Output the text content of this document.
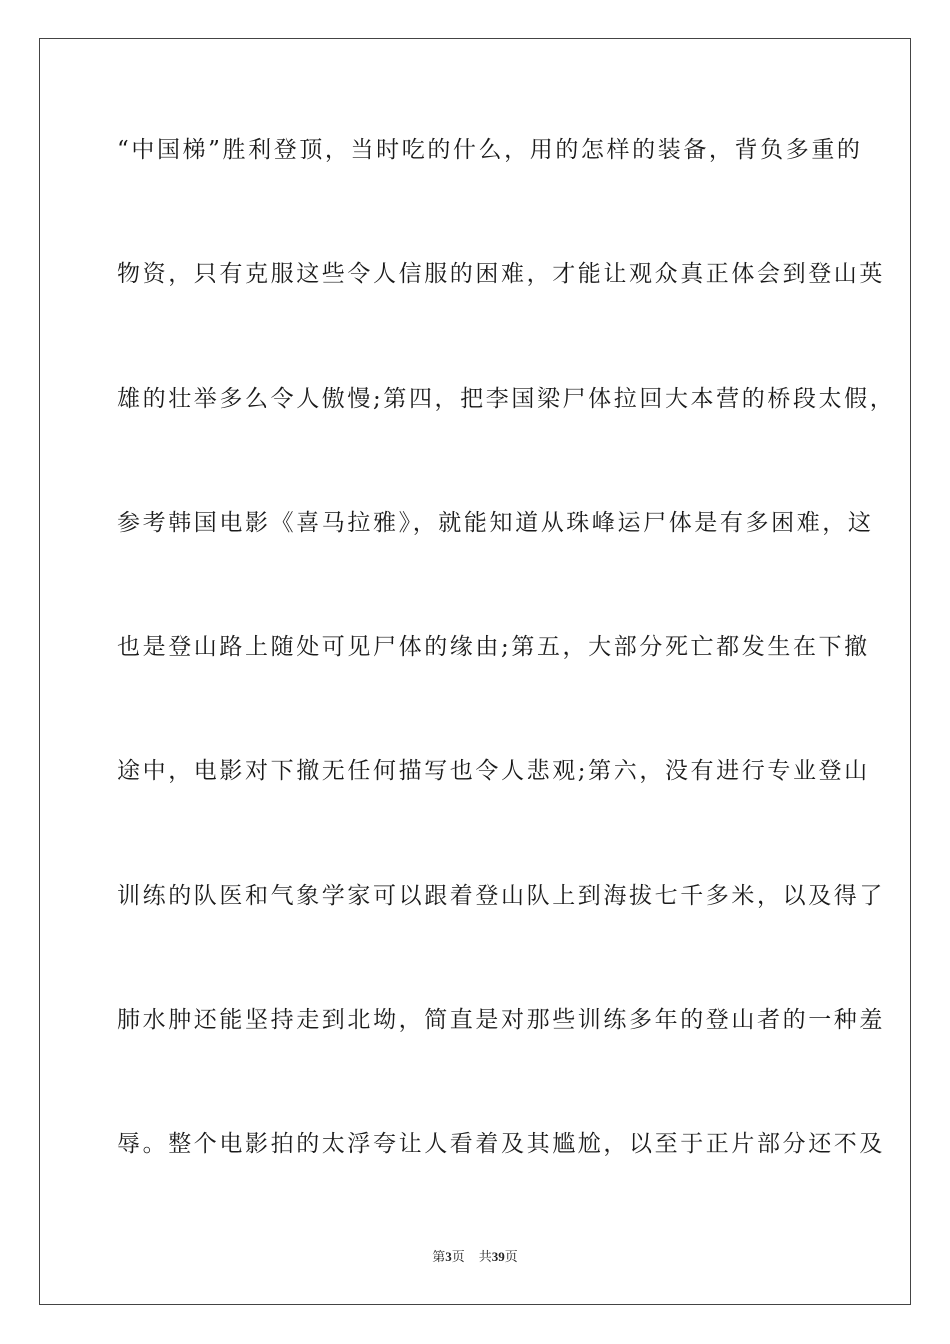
“中国梯”胜利登顶，当时吃的什么，用的怎样的装备，背负多重的
物资，只有克服这些令人信服的困难，才能让观众真正体会到登山英
雄的壮举多么令人傲慢;第四，把李国梁尸体拉回大本营的桥段太假，
参考韩国电影《喜马拉雅》，就能知道从珠峰运尸体是有多困难，这
也是登山路上随处可见尸体的缘由;第五，大部分死亡都发生在下撤
途中，电影对下撤无任何描写也令人悲观;第六，没有进行专业登山
训练的队医和气象学家可以跟着登山队上到海拔七千多米，以及得了
肺水肿还能坚持走到北坳，简直是对那些训练多年的登山者的一种羞
辱。整个电影拍的太浮夸让人看着及其尴尬，以至于正片部分还不及
第3页 共39页
